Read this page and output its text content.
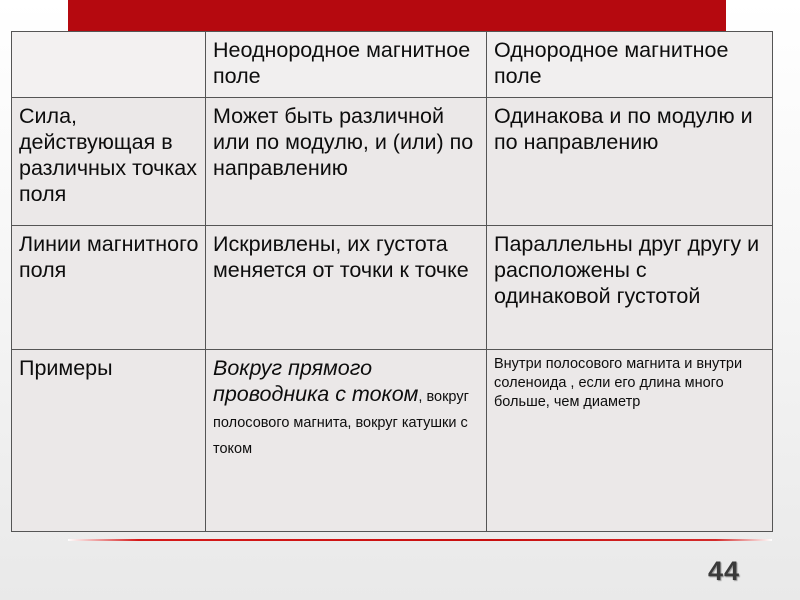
	Неоднородное магнитное поле	Однородное магнитное поле
Сила, действующая в различных точках поля	Может быть различной или по модулю, и (или) по направлению	Одинакова и по модулю и по направлению
Линии магнитного поля	Искривлены, их густота меняется от точки к точке	Параллельны друг другу и расположены с одинаковой густотой
Примеры	Вокруг прямого проводника с током, вокруг полосового магнита, вокруг катушки с током	Внутри полосового магнита и внутри соленоида , если его длина много больше, чем диаметр
44
